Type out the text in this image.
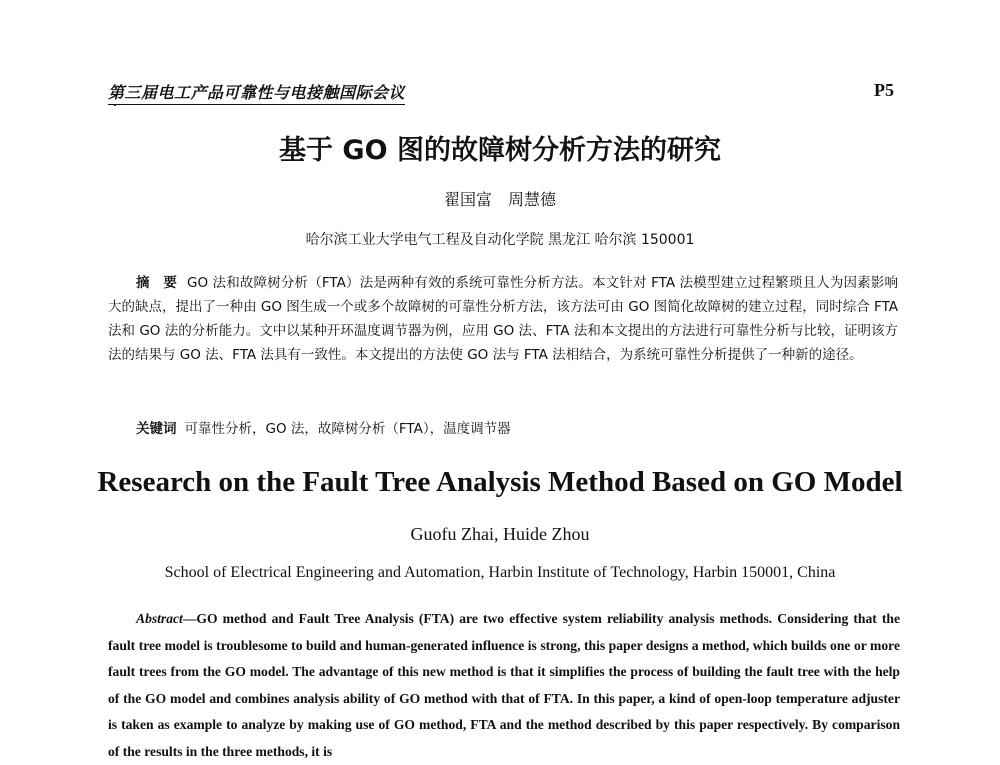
第三届电工产品可靠性与电接触国际会议	P5
基于 GO 图的故障树分析方法的研究
翟国富　周慧德
哈尔滨工业大学电气工程及自动化学院 黑龙江 哈尔滨 150001
摘　要 GO 法和故障树分析（FTA）法是两种有效的系统可靠性分析方法。本文针对 FTA 法模型建立过程繁琐且人为因素影响大的缺点，提出了一种由 GO 图生成一个或多个故障树的可靠性分析方法，该方法可由 GO 图简化故障树的建立过程，同时综合 FTA 法和 GO 法的分析能力。文中以某种开环温度调节器为例，应用 GO 法、FTA 法和本文提出的方法进行可靠性分析与比较，证明该方法的结果与 GO 法、FTA 法具有一致性。本文提出的方法使 GO 法与 FTA 法相结合，为系统可靠性分析提供了一种新的途径。
关键词 可靠性分析，GO 法，故障树分析（FTA），温度调节器
Research on the Fault Tree Analysis Method Based on GO Model
Guofu Zhai, Huide Zhou
School of Electrical Engineering and Automation, Harbin Institute of Technology, Harbin 150001, China
Abstract—GO method and Fault Tree Analysis (FTA) are two effective system reliability analysis methods. Considering that the fault tree model is troublesome to build and human-generated influence is strong, this paper designs a method, which builds one or more fault trees from the GO model. The advantage of this new method is that it simplifies the process of building the fault tree with the help of the GO model and combines analysis ability of GO method with that of FTA. In this paper, a kind of open-loop temperature adjuster is taken as example to analyze by making use of GO method, FTA and the method described by this paper respectively. By comparison of the results in the three methods, it is
